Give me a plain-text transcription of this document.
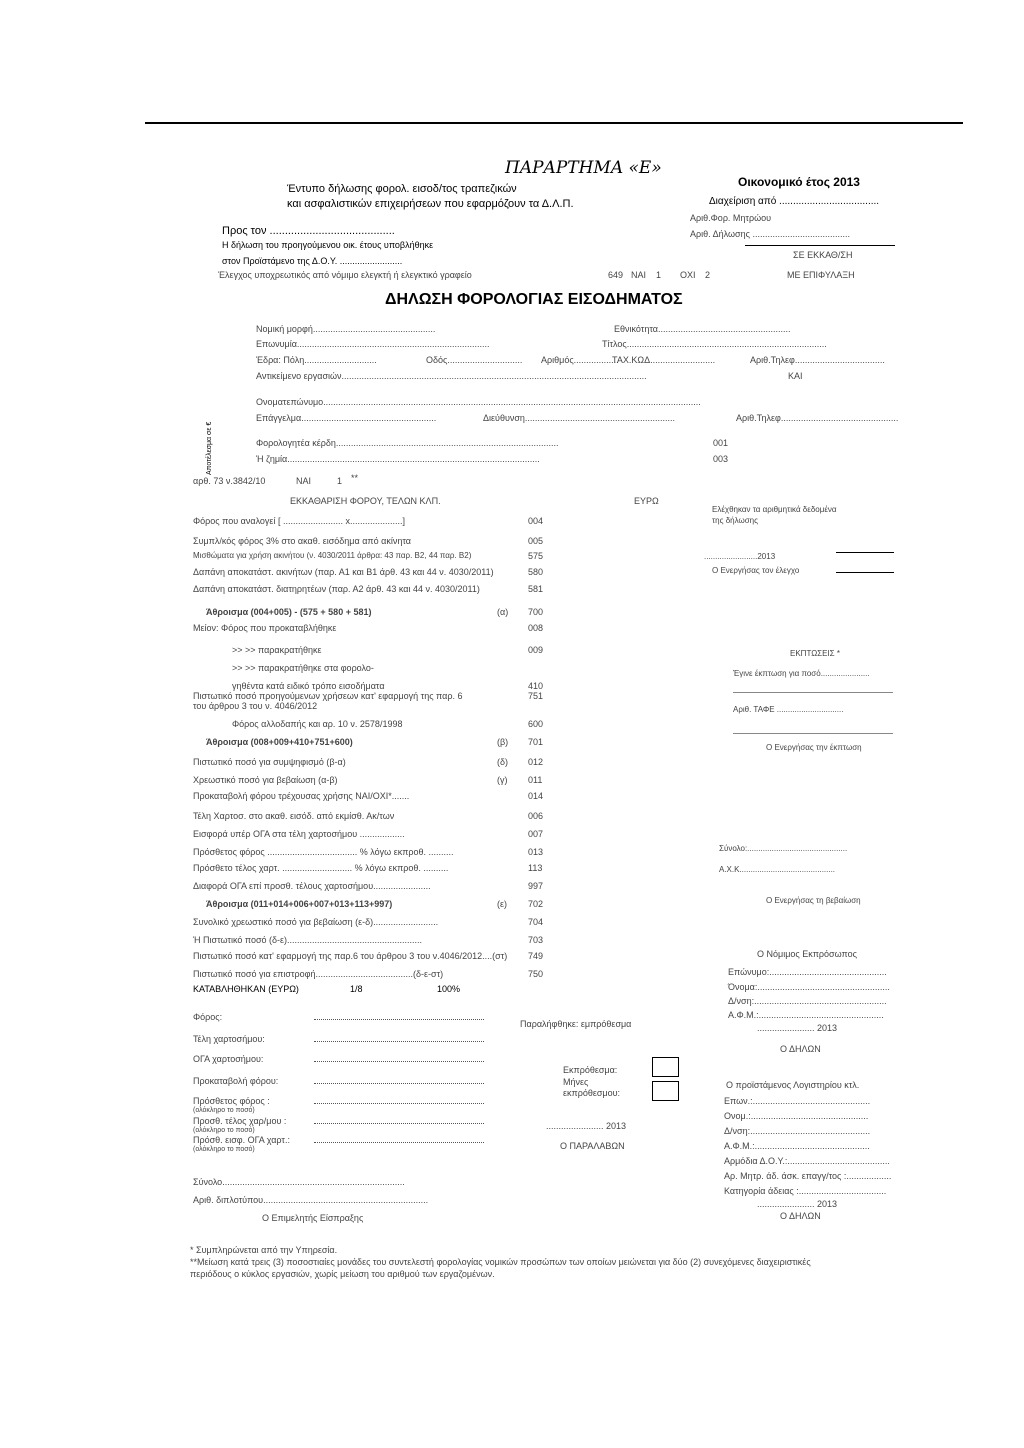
ΠΑΡΑΡΤΗΜΑ «Ε»
Οικονομικό έτος 2013
Έντυπο δήλωσης φορολ. εισοδ/τος τραπεζικών
και ασφαλιστικών επιχειρήσεων που εφαρμόζουν τα Δ.Λ.Π.
Προς τον .........................................
Η δήλωση του προηγούμενου οικ. έτους υποβλήθηκε
στον Προϊστάμενο της Δ.Ο.Υ. .........................
Έλεγχος υποχρεωτικός από νόμιμο ελεγκτή ή ελεγκτικό γραφείο	649 ΝΑΙ 1 ΟΧΙ 2
Διαχείριση από ....................................
Αριθ.Φορ. Μητρώου
Αριθ. Δήλωσης .......................................
ΣΕ ΕΚΚΑΘ/ΣΗ
ΜΕ ΕΠΙΦΥΛΑΞΗ
ΔΗΛΩΣΗ ΦΟΡΟΛΟΓΙΑΣ ΕΙΣΟΔΗΜΑΤΟΣ
Νομική μορφή.................................................	Εθνικότητα.....................................................
Επωνυμία.............................................................................	Τίτλος................................................................................
Έδρα: Πόλη.............................	Οδός.............................. Αριθμός..................
ΤΑΧ.ΚΩΔ..........................	Αριθ.Τηλεφ....................................
Αντικείμενο εργασιών..........................................................................................................................	ΚΑΙ
Ονοματεπώνυμο.......................................................................................................................................................
Επάγγελμα......................................................	Διεύθυνση............................................................	Αριθ.Τηλεφ...............................................
Αποτέλεσμα σε €	Φορολογητέα κέρδη.........................................................................................	001
Ή ζημία.....................................................................................................	003
αρθ. 73 ν.3842/10	ΝΑΙ	1 **
ΕΚΚΑΘΑΡΙΣΗ ΦΟΡΟΥ, ΤΕΛΩΝ ΚΛΠ.	ΕΥΡΩ
Φόρος που αναλογεί [ ........................ x.....................]	004
Συμπλ/κός φόρος 3% στο ακαθ. εισόδημα από ακίνητα	005
Μισθώματα για χρήση ακινήτου (ν. 4030/2011 άρθρα: 43 παρ. Β2, 44 παρ. Β2)	575
Δαπάνη αποκατάστ. ακινήτων (παρ. Α1 και Β1 άρθ. 43 και 44 ν. 4030/2011)	580
Δαπάνη αποκατάστ. διατηρητέων (παρ. Α2 άρθ. 43 και 44 ν. 4030/2011)	581
Άθροισμα (004+005) - (575 + 580 + 581)	(α) 700
Μείον: Φόρος που προκαταβλήθηκε	008
>> >> παρακρατήθηκε	009
>> >> παρακρατήθηκε στα φορολο-
γηθέντα κατά ειδικό τρόπο εισοδήματα	410
Πιστωτικό ποσό προηγούμενων χρήσεων κατ' εφαρμογή της παρ. 6	751
του άρθρου 3 του ν. 4046/2012
Φόρος αλλοδαπής και αρ. 10 ν. 2578/1998	600
Άθροισμα (008+009+410+751+600)	(β) 701
Πιστωτικό ποσό για συμψηφισμό (β-α)	(δ) 012
Χρεωστικό ποσό για βεβαίωση (α-β)	(γ) 011
Προκαταβολή φόρου τρέχουσας χρήσης ΝΑΙ/ΟΧΙ*.......	014
Τέλη Χαρτοσ. στο ακαθ. εισόδ. από εκμίσθ. Ακ/των	006
Εισφορά υπέρ ΟΓΑ στα τέλη χαρτοσήμου ..................	007
Πρόσθετος φόρος .................................... % λόγω εκπροθ. ..........	013
Πρόσθετο τέλος χαρτ. ............................ % λόγω εκπροθ. ..........	113
Διαφορά ΟΓΑ επί προσθ. τέλους χαρτοσήμου.......................	997
Άθροισμα (011+014+006+007+013+113+997)	(ε) 702
Συνολικό χρεωστικό ποσό για βεβαίωση (ε-δ)..........................	704
Ή Πιστωτικό ποσό (δ-ε)......................................................	703
Πιστωτικό ποσό κατ' εφαρμογή της παρ.6 του άρθρου 3 του ν.4046/2012....(στ) 749
Πιστωτικό ποσό για επιστροφή.......................................(δ-ε-στ)	750
ΚΑΤΑΒΛΗΘΗΚΑΝ (ΕΥΡΩ)	1/8	100%
Φόρος:
Τέλη χαρτοσήμου:
ΟΓΑ χαρτοσήμου:
Προκαταβολή φόρου:
Πρόσθετος φόρος :
(ολόκληρο το ποσό)
Προσθ. τέλος χαρ/μου :
(ολόκληρο το ποσό)
Πρόσθ. εισφ. ΟΓΑ χαρτ.:
(ολόκληρο το ποσό)
Σύνολο.........................................................................
Αριθ. διπλοτύπου..................................................................
Ο Επιμελητής Είσπραξης
Παραλήφθηκε: εμπρόθεσμα
Εκπρόθεσμα:
Μήνες
εκπρόθεσμου:
....................... 2013
Ο ΠΑΡΑΛΑΒΩΝ
Ελέχθηκαν τα αριθμητικά δεδομένα
της δήλωσης
........................2013
Ο Ενεργήσας τον έλεγχο
ΕΚΠΤΩΣΕΙΣ *
Έγινε έκπτωση για ποσό......................
Αριθ. ΤΑΦΕ ..............................
Ο Ενεργήσας την έκπτωση
Σύνολο:.............................................
Α.Χ.Κ...........................................
Ο Ενεργήσας τη βεβαίωση
Ο Νόμιμος Εκπρόσωπος
Επώνυμο:...............................................
Όνομα:.....................................................
Δ/νση:.....................................................
Α.Φ.Μ.:..................................................
....................... 2013
Ο ΔΗΛΩΝ
Ο προϊστάμενος Λογιστηρίου κτλ.
Επων.:...............................................
Ονομ.:...............................................
Δ/νση:................................................
Α.Φ.Μ.:..............................................
Αρμόδια Δ.Ο.Υ.:.........................................
Αρ. Μητρ. άδ. άσκ. επαγγ/τος :..................
Κατηγορία άδειας :...................................
....................... 2013
Ο ΔΗΛΩΝ
* Συμπληρώνεται από την Υπηρεσία.
**Μείωση κατά τρεις (3) ποσοστιαίες μονάδες του συντελεστή φορολογίας νομικών προσώπων των οποίων μειώνεται για δύο (2) συνεχόμενες διαχειριστικές
περιόδους ο κύκλος εργασιών, χωρίς μείωση του αριθμού των εργαζομένων.
